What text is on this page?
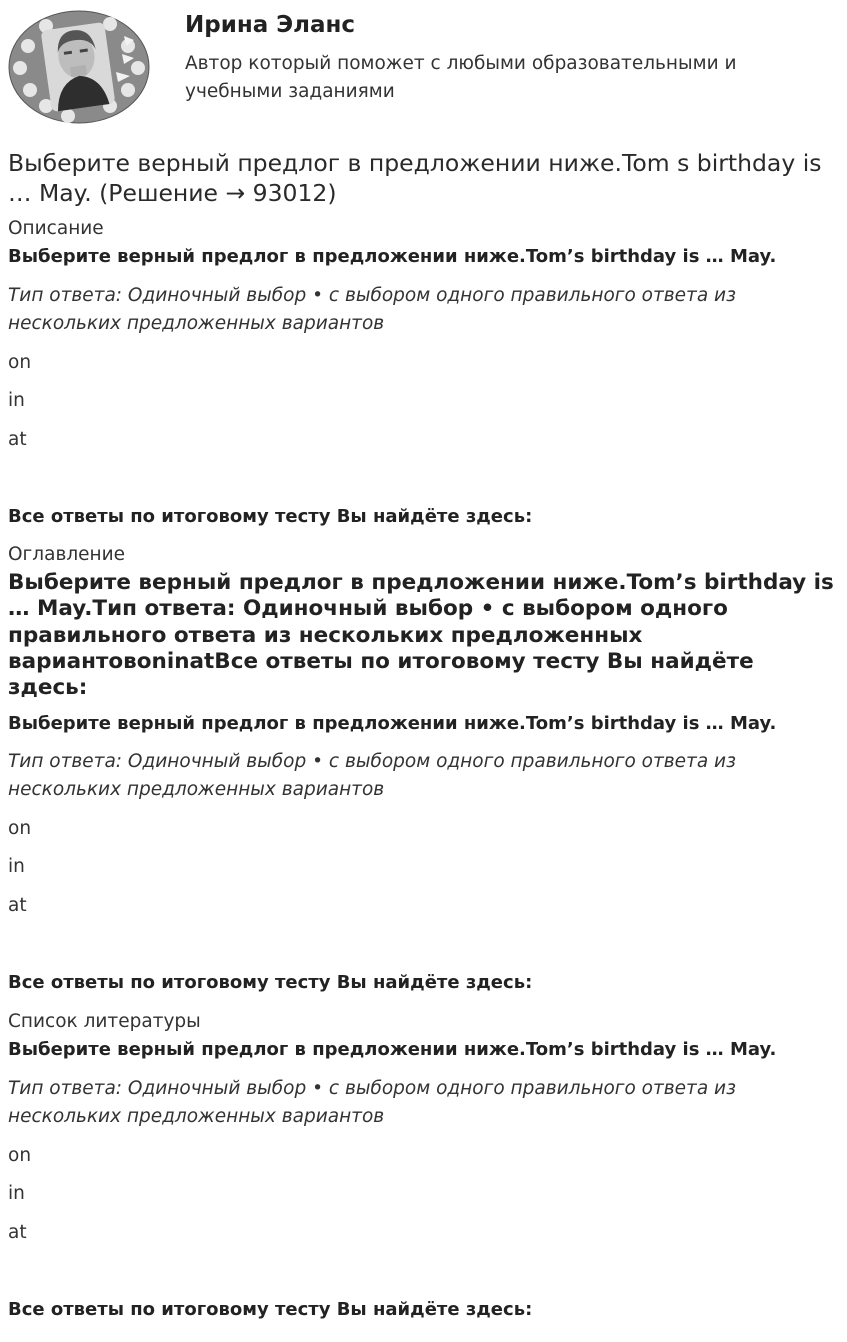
Ирина Эланс
Автор который поможет с любыми образовательными и учебными заданиями
Выберите верный предлог в предложении ниже.Tom s birthday is … May. (Решение → 93012)
Описание
Выберите верный предлог в предложении ниже.Tom’s birthday is … May.
Тип ответа: Одиночный выбор • с выбором одного правильного ответа из нескольких предложенных вариантов
on
in
at
Все ответы по итоговому тесту Вы найдёте здесь:
Оглавление
Выберите верный предлог в предложении ниже.Tom’s birthday is … May.Тип ответа: Одиночный выбор • с выбором одного правильного ответа из нескольких предложенных вариантовoninatВсе ответы по итоговому тесту Вы найдёте здесь:
Выберите верный предлог в предложении ниже.Tom’s birthday is … May.
Тип ответа: Одиночный выбор • с выбором одного правильного ответа из нескольких предложенных вариантов
on
in
at
Все ответы по итоговому тесту Вы найдёте здесь:
Список литературы
Выберите верный предлог в предложении ниже.Tom’s birthday is … May.
Тип ответа: Одиночный выбор • с выбором одного правильного ответа из нескольких предложенных вариантов
on
in
at
Все ответы по итоговому тесту Вы найдёте здесь:
